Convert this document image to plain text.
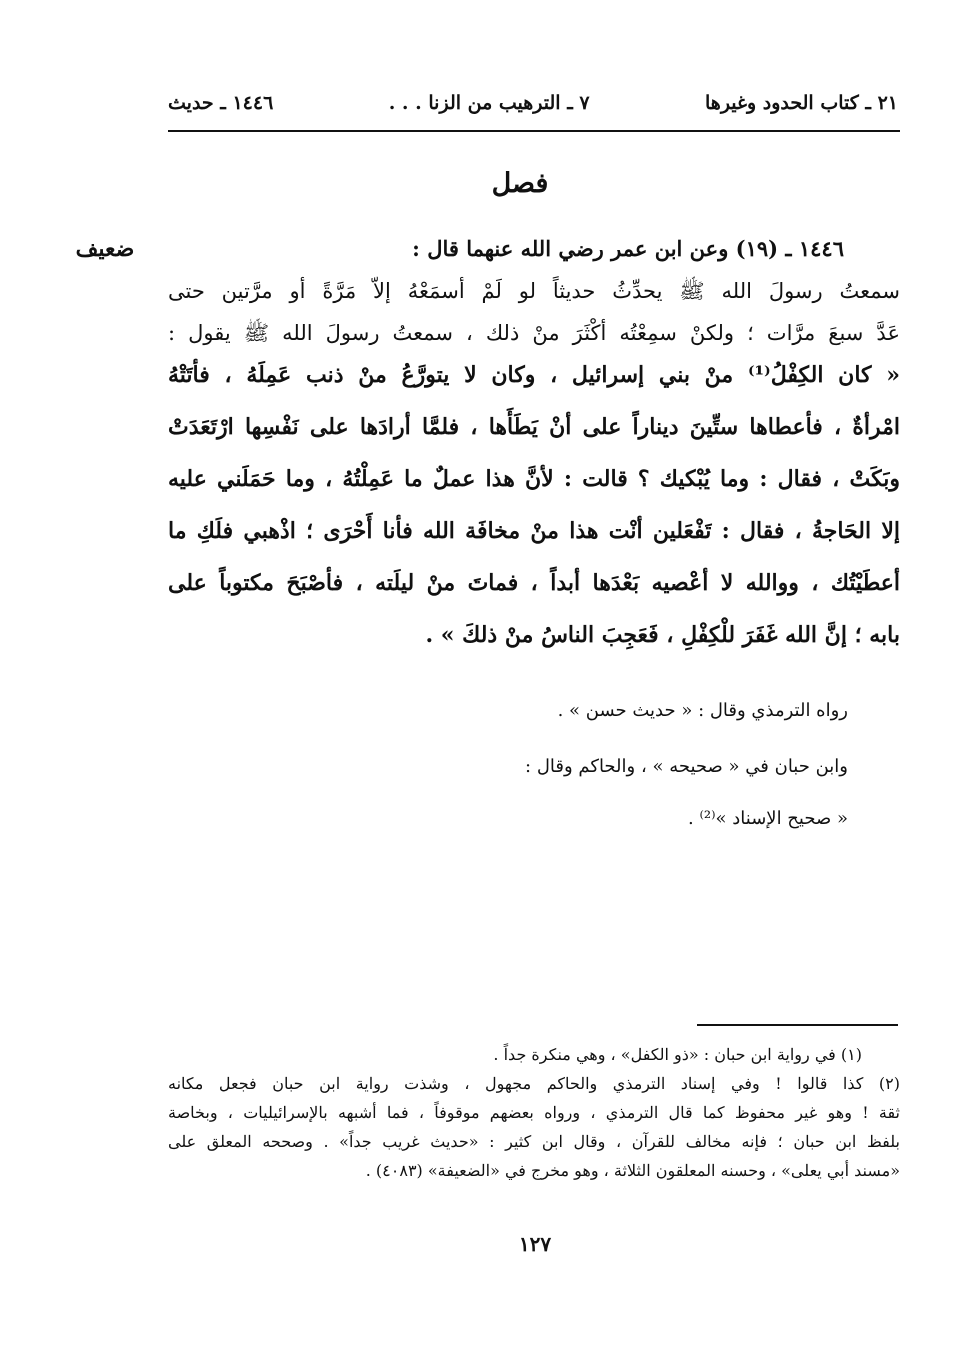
٢١ ـ كتاب الحدود وغيرها
٧ ـ الترهيب من الزنا . . .
١٤٤٦ ـ حديث
فصل
ضعيف	١٤٤٦ ـ (١٩) وعن ابن عمر رضي الله عنهما قال :
سمعتُ رسولَ الله ﷺ يحدِّثُ حديثاً لو لَمْ أسمَعْهُ إلاّ مَرَّةً أو مرَّتين حتى
عَدَّ سبعَ مرَّات ؛ ولكنْ سمِعْتُه أكْثَرَ منْ ذلك ، سمعتُ رسولَ الله ﷺ يقول :
« كان الكِفْلُ⁽¹⁾ منْ بني إسرائيل ، وكان لا يتورَّعُ منْ ذنب عَمِلَهُ ، فأتَتْهُ
امْرأةٌ ، فأعطاها ستِّينَ ديناراً على أنْ يَطَأَها ، فلمَّا أرادَها على نَفْسِها ارْتَعَدَتْ
وبَكَتْ ، فقال : وما يُبْكيك ؟ قالت : لأنَّ هذا عملٌ ما عَمِلْتُهُ ، وما حَمَلَني عليه
إلا الحَاجةُ ، فقال : تَفْعَلين أنْت هذا منْ مخافَة الله فأنا أَحْرَى ؛ اذْهبي فلَكِ ما
أعطَيْتُك ، ووالله لا أعْصيه بَعْدَها أبداً ، فماتَ منْ ليلَته ، فأصْبَحَ مكتوباً على
بابه ؛ إنَّ الله غَفَرَ للْكِفْلِ ، فَعَجِبَ الناسُ منْ ذلكَ » .
رواه الترمذي وقال : « حديث حسن » .
وابن حبان في « صحيحه » ، والحاكم وقال :
« صحيح الإسناد »⁽²⁾ .
(١) في رواية ابن حبان : «ذو الكفل» ، وهي منكرة جداً .
(٢) كذا قالوا ! وفي إسناد الترمذي والحاكم مجهول ، وشذت رواية ابن حبان فجعل مكانه
ثقة ! وهو غير محفوظ كما قال الترمذي ، ورواه بعضهم موقوفاً ، فما أشبهه بالإسرائيليات ، وبخاصة
بلفظ ابن حبان ؛ فإنه مخالف للقرآن ، وقال ابن كثير : «حديث غريب جداً» . وصححه المعلق على
«مسند أبي يعلى» ، وحسنه المعلقون الثلاثة ، وهو مخرج في «الضعيفة» (٤٠٨٣) .
١٢٧
